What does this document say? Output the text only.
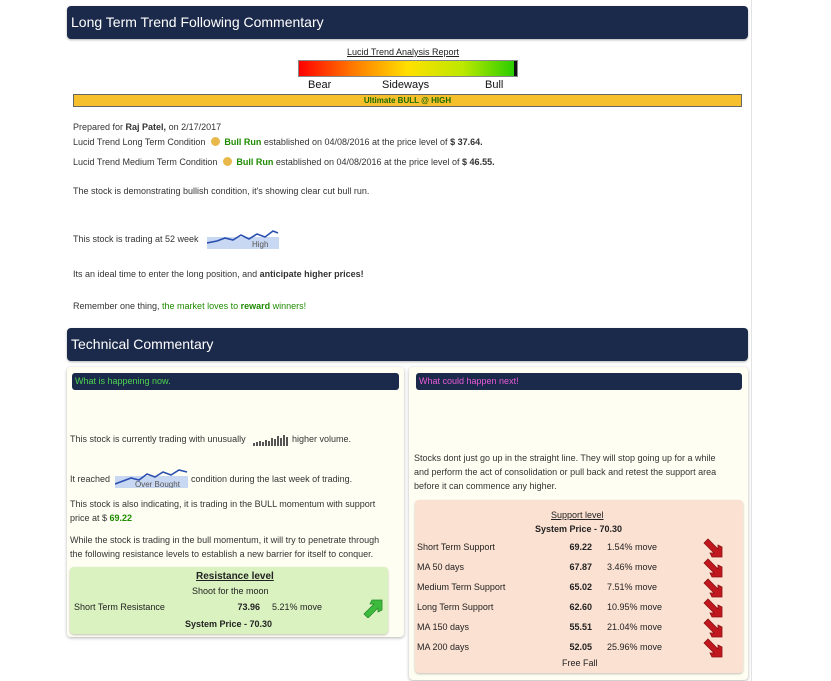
Long Term Trend Following Commentary
Lucid Trend Analysis Report
Bear	Sideways	Bull
Ultimate BULL @ HIGH
Prepared for Raj Patel, on 2/17/2017
Lucid Trend Long Term Condition Bull Run established on 04/08/2016 at the price level of $ 37.64.
Lucid Trend Medium Term Condition Bull Run established on 04/08/2016 at the price level of $ 46.55.
The stock is demonstrating bullish condition, it's showing clear cut bull run.
This stock is trading at 52 week
High
Its an ideal time to enter the long position, and anticipate higher prices!
Remember one thing, the market loves to reward winners!
Technical Commentary
What is happening now.
This stock is currently trading with unusually	higher volume.
It reached
Over Bought
condition during the last week of trading.
This stock is also indicating, it is trading in the BULL momentum with support
price at $ 69.22
While the stock is trading in the bull momentum, it will try to penetrate through
the following resistance levels to establish a new barrier for itself to conquer.
Resistance level
Shoot for the moon
Short Term Resistance	73.96 5.21% move
System Price - 70.30
What could happen next!
Stocks dont just go up in the straight line. They will stop going up for a while
and perform the act of consolidation or pull back and retest the support area
before it can commence any higher.
Support level
System Price - 70.30
Short Term Support	69.22 1.54% move
MA 50 days	67.87 3.46% move
Medium Term Support	65.02 7.51% move
Long Term Support	62.60 10.95% move
MA 150 days	55.51 21.04% move
MA 200 days	52.05 25.96% move
Free Fall
